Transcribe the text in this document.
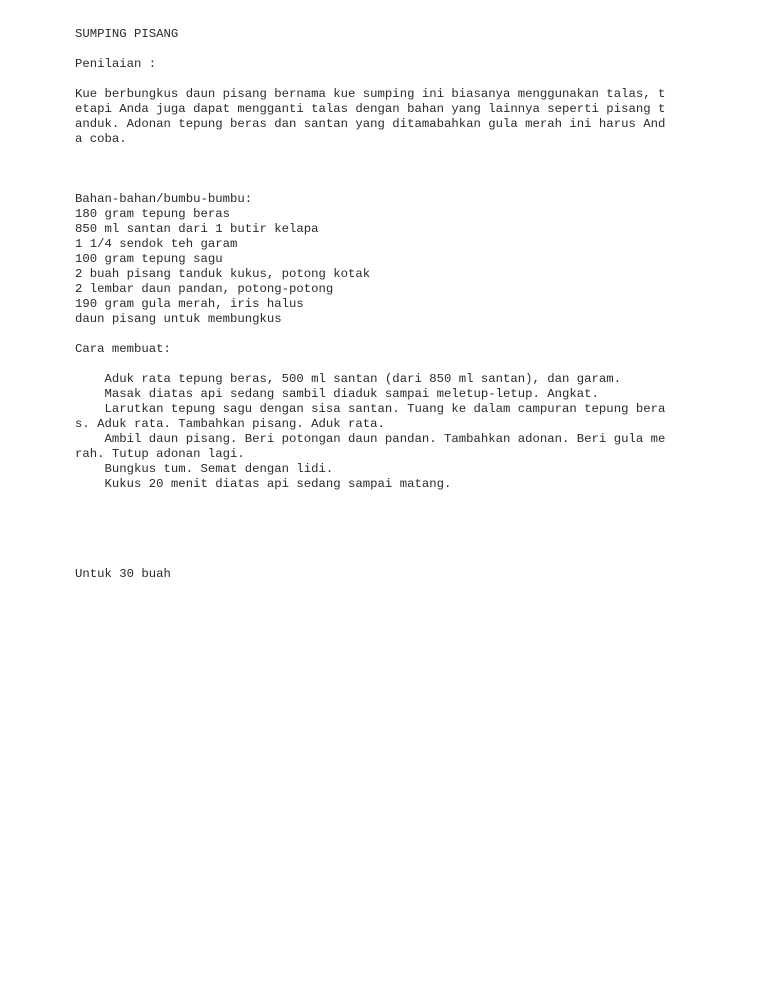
SUMPING PISANG
Penilaian :
Kue berbungkus daun pisang bernama kue sumping ini biasanya menggunakan talas, t
etapi Anda juga dapat mengganti talas dengan bahan yang lainnya seperti pisang t
anduk. Adonan tepung beras dan santan yang ditamabahkan gula merah ini harus And
a coba.
Bahan-bahan/bumbu-bumbu:
180 gram tepung beras
850 ml santan dari 1 butir kelapa
1 1/4 sendok teh garam
100 gram tepung sagu
2 buah pisang tanduk kukus, potong kotak
2 lembar daun pandan, potong-potong
190 gram gula merah, iris halus
daun pisang untuk membungkus
Cara membuat:
Aduk rata tepung beras, 500 ml santan (dari 850 ml santan), dan garam.
Masak diatas api sedang sambil diaduk sampai meletup-letup. Angkat.
Larutkan tepung sagu dengan sisa santan. Tuang ke dalam campuran tepung bera
s. Aduk rata. Tambahkan pisang. Aduk rata.
Ambil daun pisang. Beri potongan daun pandan. Tambahkan adonan. Beri gula me
rah. Tutup adonan lagi.
Bungkus tum. Semat dengan lidi.
Kukus 20 menit diatas api sedang sampai matang.
Untuk 30 buah
